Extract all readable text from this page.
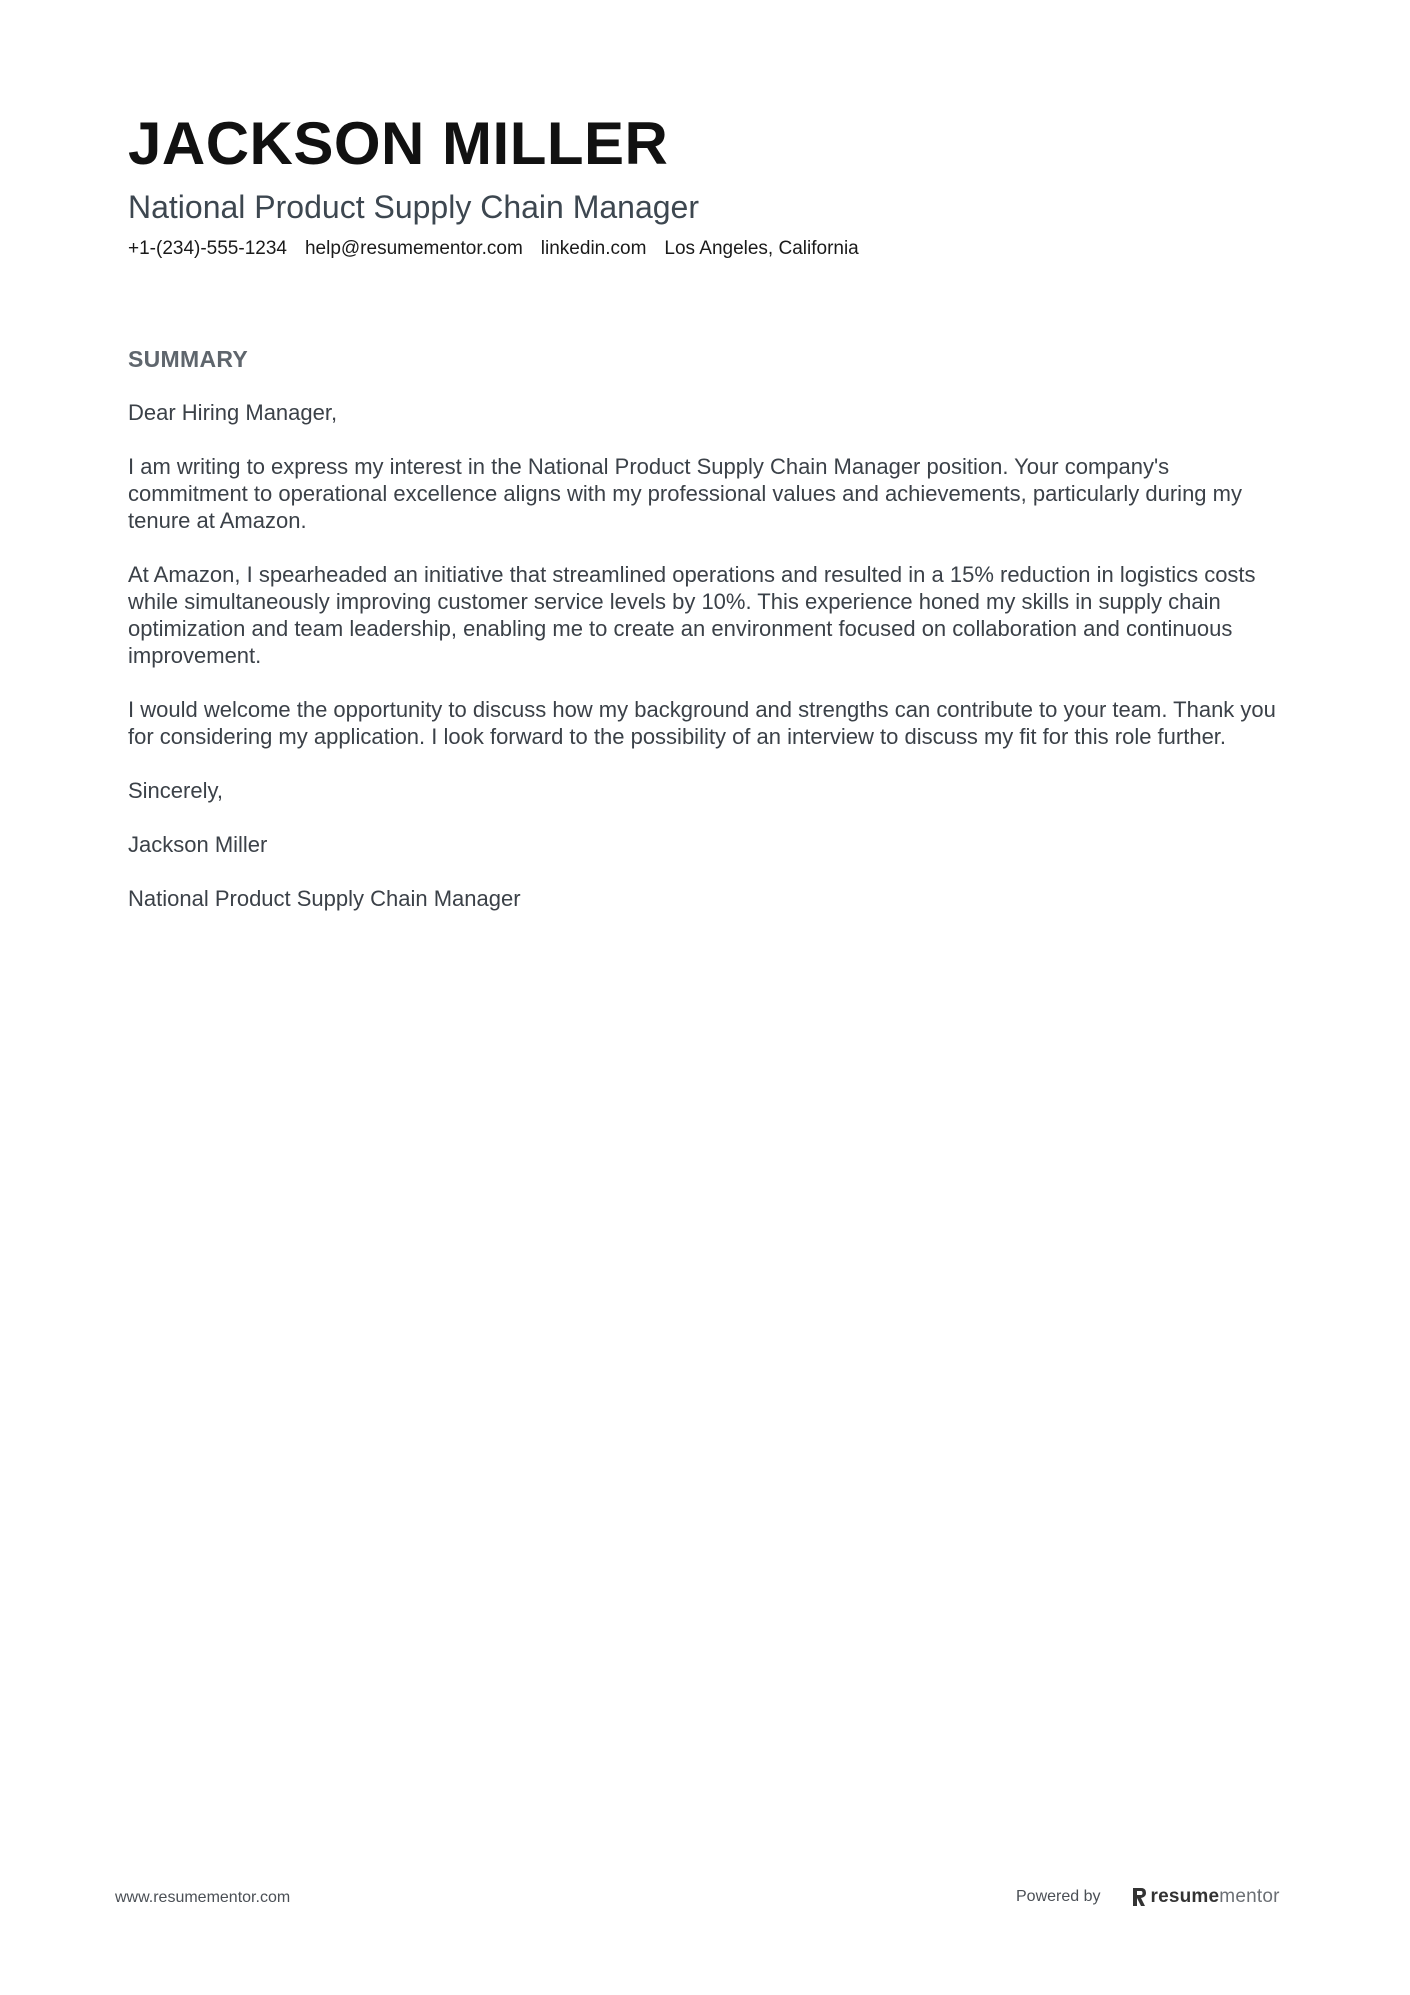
JACKSON MILLER
National Product Supply Chain Manager
+1-(234)-555-1234 help@resumementor.com linkedin.com Los Angeles, California
SUMMARY

Dear Hiring Manager,

I am writing to express my interest in the National Product Supply Chain Manager position. Your company's commitment to operational excellence aligns with my professional values and achievements, particularly during my tenure at Amazon.

At Amazon, I spearheaded an initiative that streamlined operations and resulted in a 15% reduction in logistics costs while simultaneously improving customer service levels by 10%. This experience honed my skills in supply chain optimization and team leadership, enabling me to create an environment focused on collaboration and continuous improvement.

I would welcome the opportunity to discuss how my background and strengths can contribute to your team. Thank you for considering my application. I look forward to the possibility of an interview to discuss my fit for this role further.

Sincerely,

Jackson Miller

National Product Supply Chain Manager

www.resumementor.com	Powered by	resume mentor
